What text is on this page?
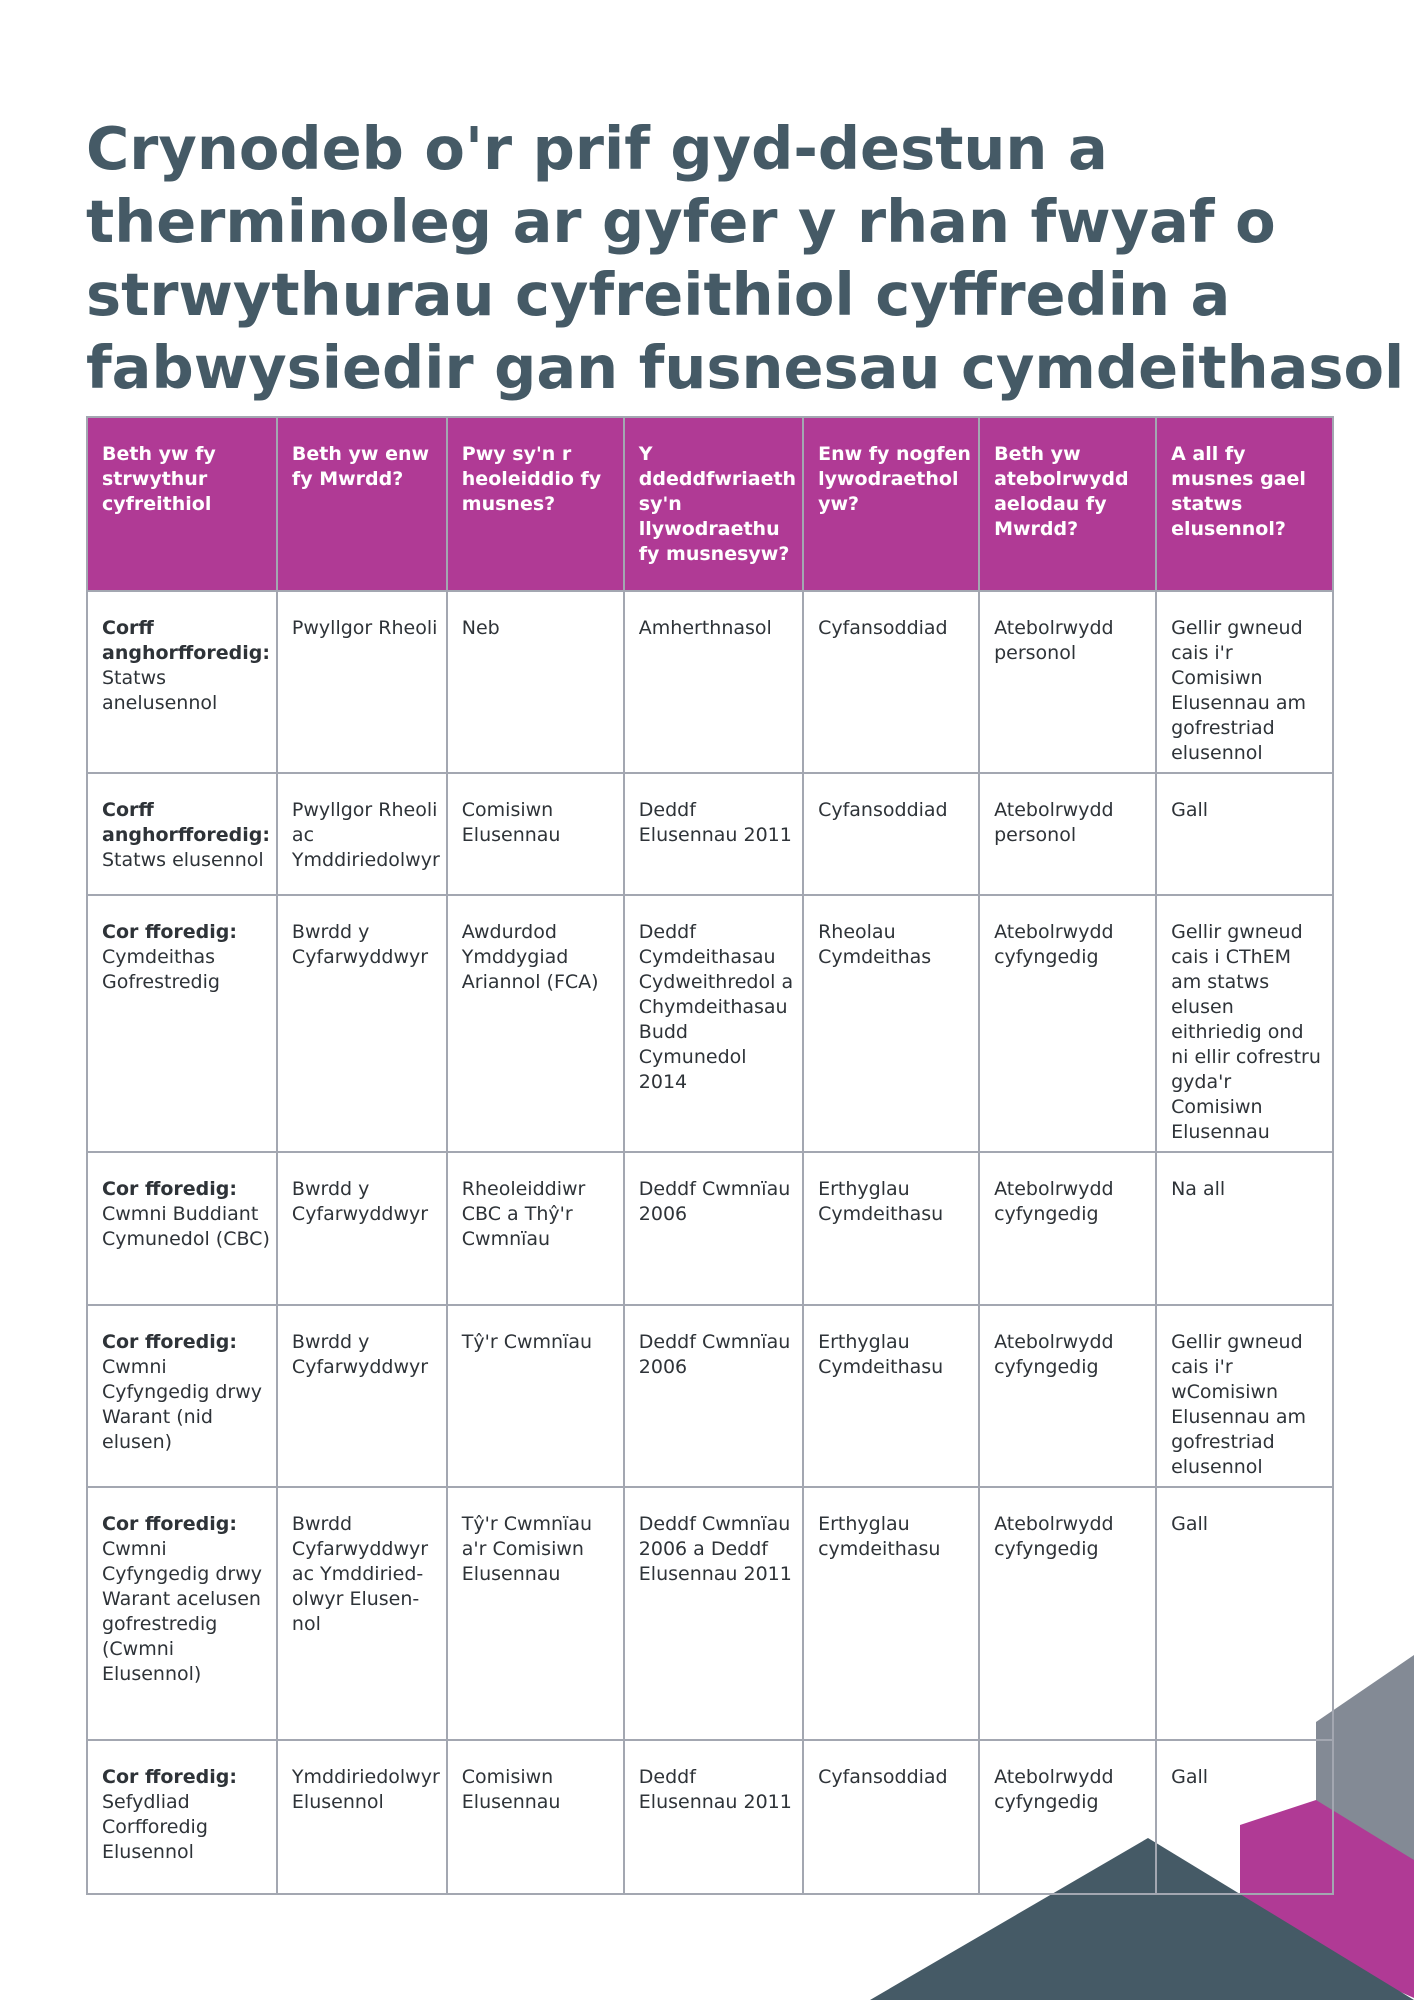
Crynodeb o'r prif gyd-destun a
therminoleg ar gyfer y rhan fwyaf o
strwythurau cyfreithiol cyffredin a
fabwysiedir gan fusnesau cymdeithasol
Beth yw fy strwythur cyfreithiol	Beth yw enw fy Mwrdd?	Pwy sy'n r heoleiddio fy musnes?	Y ddeddfwriaeth sy'n llywodraethu fy musnesyw?	Enw fy nogfen lywodraethol yw?	Beth yw atebolrwydd aelodau fy Mwrdd?	A all fy musnes gael statws elusennol?

Corff anghorfforedig:
Statws anelusennol	Pwyllgor Rheoli	Neb	Amherthnasol	Cyfansoddiad	Atebolrwydd personol	Gellir gwneud cais i'r Comisiwn Elusennau am gofrestriad elusennol

Corff anghorfforedig:
Statws elusennol	Pwyllgor Rheoli ac Ymddiriedolwyr	Comisiwn Elusennau	Deddf Elusennau 2011	Cyfansoddiad	Atebolrwydd personol	Gall

Cor fforedig:
Cymdeithas Gofrestredig	Bwrdd y Cyfarwyddwyr	Awdurdod Ymddygiad Ariannol (FCA)	Deddf Cymdeithasau Cydweithredol a Chymdeithasau Budd Cymunedol 2014	Rheolau Cymdeithas	Atebolrwydd cyfyngedig	Gellir gwneud cais i CThEM am statws elusen eithriedig ond ni ellir cofrestru gyda'r Comisiwn Elusennau

Cor fforedig:
Cwmni Buddiant Cymunedol (CBC)	Bwrdd y Cyfarwyddwyr	Rheoleiddiwr CBC a Thŷ'r Cwmnïau	Deddf Cwmnïau 2006	Erthyglau Cymdeithasu	Atebolrwydd cyfyngedig	Na all

Cor fforedig:
Cwmni Cyfyngedig drwy Warant (nid elusen)	Bwrdd y Cyfarwyddwyr	Tŷ'r Cwmnïau	Deddf Cwmnïau 2006	Erthyglau Cymdeithasu	Atebolrwydd cyfyngedig	Gellir gwneud cais i'r wComisiwn Elusennau am gofrestriad elusennol

Cor fforedig:
Cwmni Cyfyngedig drwy Warant acelusen gofrestredig (Cwmni Elusennol)	Bwrdd Cyfarwyddwyr ac Ymddiried-olwyr Elusen-nol	Tŷ'r Cwmnïau a'r Comisiwn Elusennau	Deddf Cwmnïau 2006 a Deddf Elusennau 2011	Erthyglau cymdeithasu	Atebolrwydd cyfyngedig	Gall

Cor fforedig:
Sefydliad Corfforedig Elusennol	Ymddiriedolwyr Elusennol	Comisiwn Elusennau	Deddf Elusennau 2011	Cyfansoddiad	Atebolrwydd cyfyngedig	Gall
